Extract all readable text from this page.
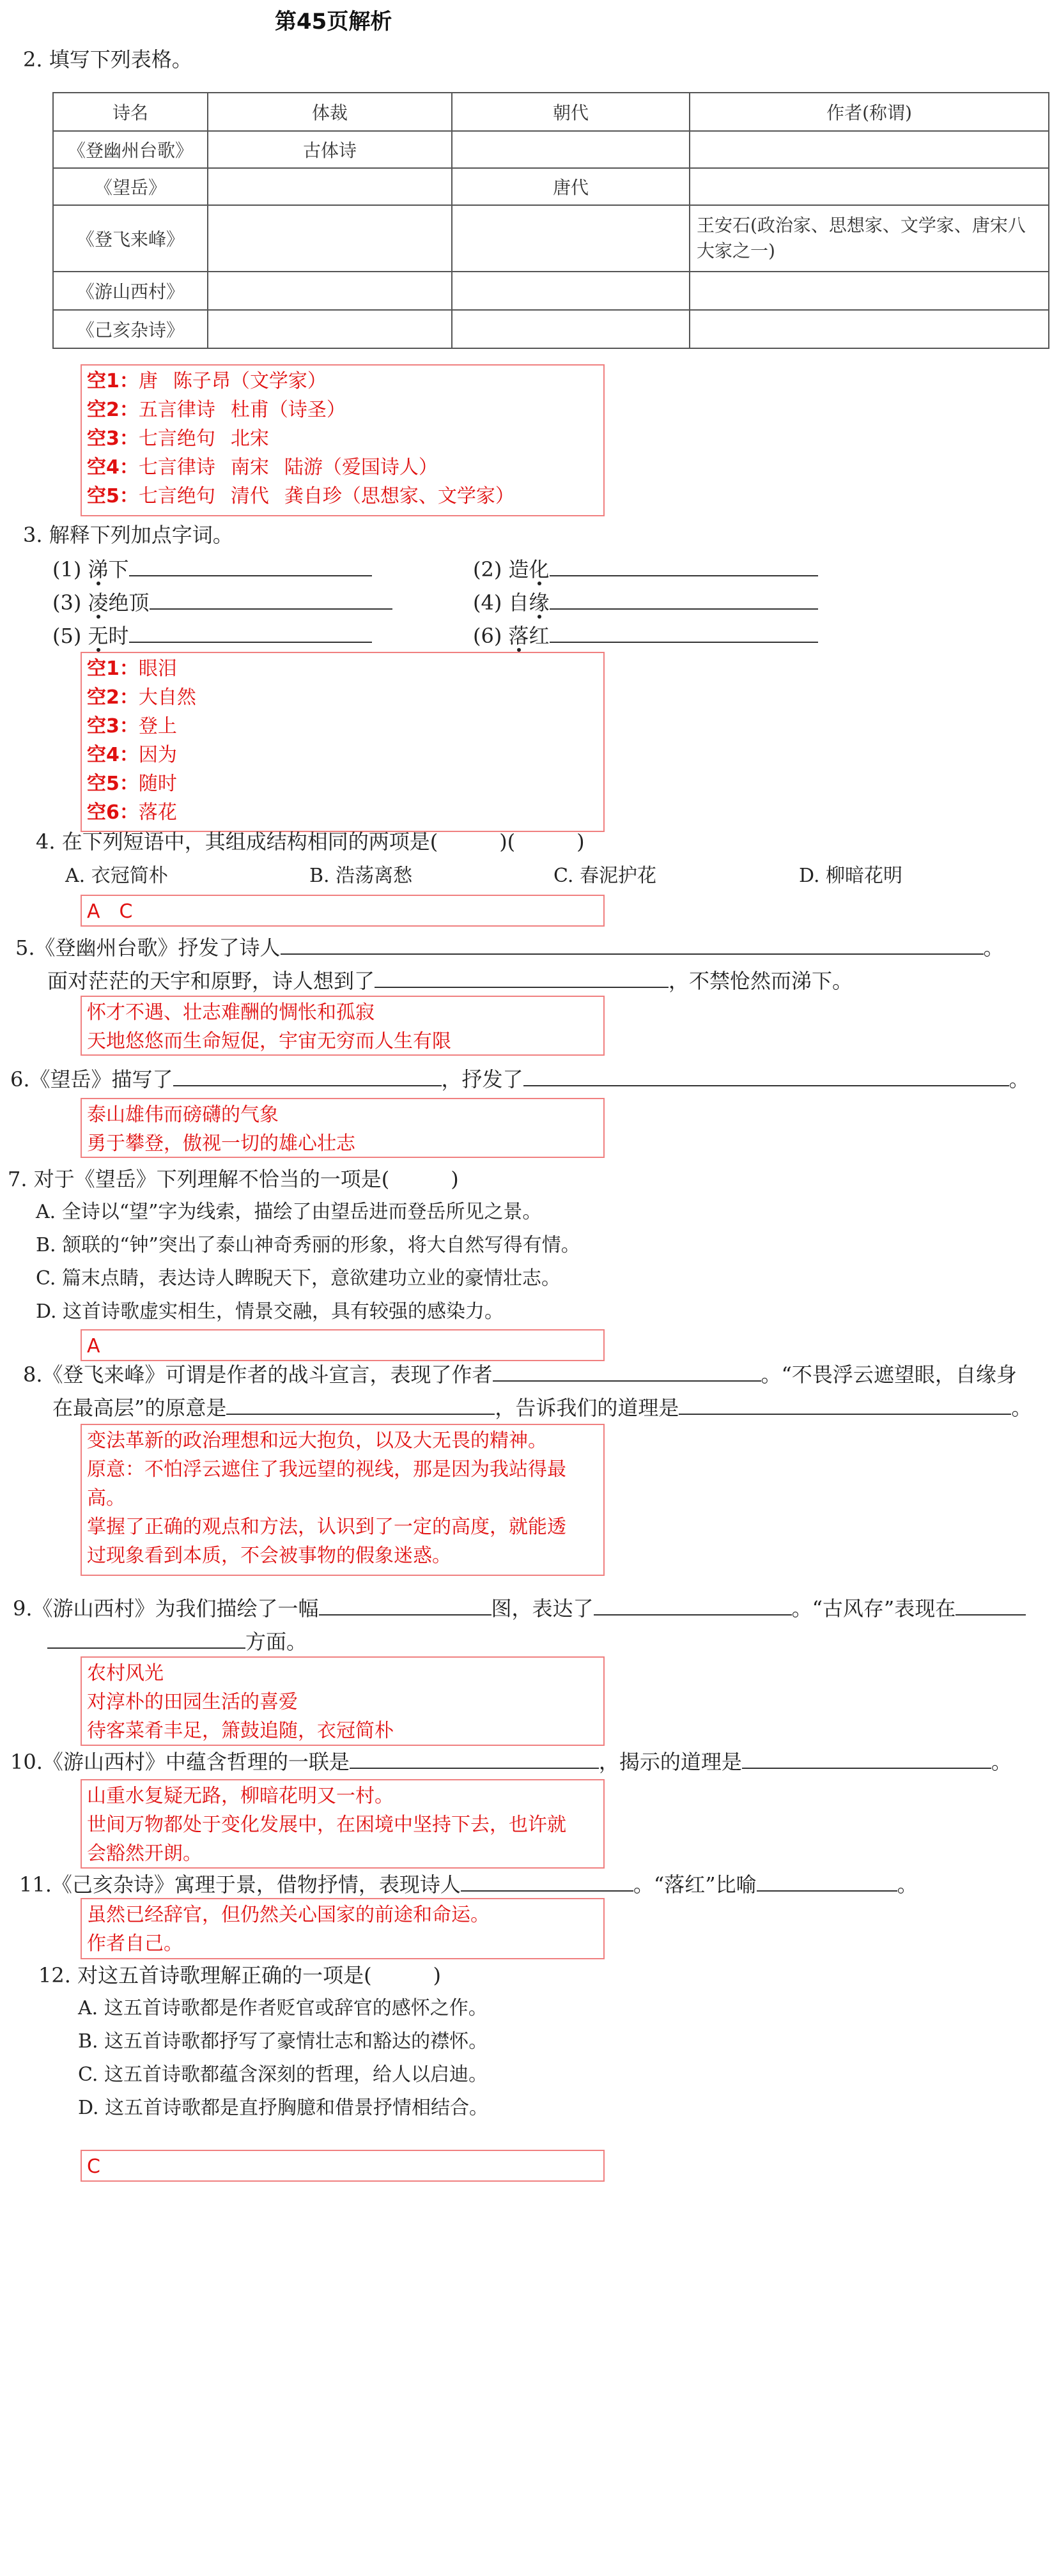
第45页解析
2. 填写下列表格。
诗名	体裁	朝代	作者(称谓)
《登幽州台歌》	古体诗		
《望岳》		唐代	
《登飞来峰》			王安石(政治家、思想家、文学家、唐宋八大家之一)
《游山西村》			
《己亥杂诗》			
空1：唐 陈子昂（文学家）
空2：五言律诗 杜甫（诗圣）
空3：七言绝句 北宋
空4：七言律诗 南宋 陆游（爱国诗人）
空5：七言绝句 清代 龚自珍（思想家、文学家）
3. 解释下列加点字词。
(1) 涕下	(2) 造化
(3) 凌绝顶	(4) 自缘
(5) 无时	(6) 落红
空1：眼泪
空2：大自然
空3：登上
空4：因为
空5：随时
空6：落花
4. 在下列短语中，其组成结构相同的两项是(　　　)(　　　)
A. 衣冠简朴	B. 浩荡离愁	C. 春泥护花	D. 柳暗花明
A　C
5.《登幽州台歌》抒发了诗人	。
面对茫茫的天宇和原野，诗人想到了	，不禁怆然而涕下。
怀才不遇、壮志难酬的惆怅和孤寂
天地悠悠而生命短促，宇宙无穷而人生有限
6.《望岳》描写了	，抒发了	。
泰山雄伟而磅礴的气象
勇于攀登，傲视一切的雄心壮志
7. 对于《望岳》下列理解不恰当的一项是(　　　)
A. 全诗以“望”字为线索，描绘了由望岳进而登岳所见之景。
B. 颔联的“钟”突出了泰山神奇秀丽的形象，将大自然写得有情。
C. 篇末点睛，表达诗人睥睨天下，意欲建功立业的豪情壮志。
D. 这首诗歌虚实相生，情景交融，具有较强的感染力。
A
8.《登飞来峰》可谓是作者的战斗宣言，表现了作者	。“不畏浮云遮望眼，自缘身
在最高层”的原意是	，告诉我们的道理是	。
变法革新的政治理想和远大抱负，以及大无畏的精神。
原意：不怕浮云遮住了我远望的视线，那是因为我站得最
高。
掌握了正确的观点和方法，认识到了一定的高度，就能透
过现象看到本质，不会被事物的假象迷惑。
9.《游山西村》为我们描绘了一幅	图，表达了	。“古风存”表现在
方面。
农村风光
对淳朴的田园生活的喜爱
待客菜肴丰足，箫鼓追随，衣冠简朴
10.《游山西村》中蕴含哲理的一联是	，揭示的道理是	。
山重水复疑无路，柳暗花明又一村。
世间万物都处于变化发展中，在困境中坚持下去，也许就
会豁然开朗。
11.《己亥杂诗》寓理于景，借物抒情，表现诗人	。“落红”比喻	。
虽然已经辞官，但仍然关心国家的前途和命运。
作者自己。
12. 对这五首诗歌理解正确的一项是(　　　)
A. 这五首诗歌都是作者贬官或辞官的感怀之作。
B. 这五首诗歌都抒写了豪情壮志和豁达的襟怀。
C. 这五首诗歌都蕴含深刻的哲理，给人以启迪。
D. 这五首诗歌都是直抒胸臆和借景抒情相结合。
C
